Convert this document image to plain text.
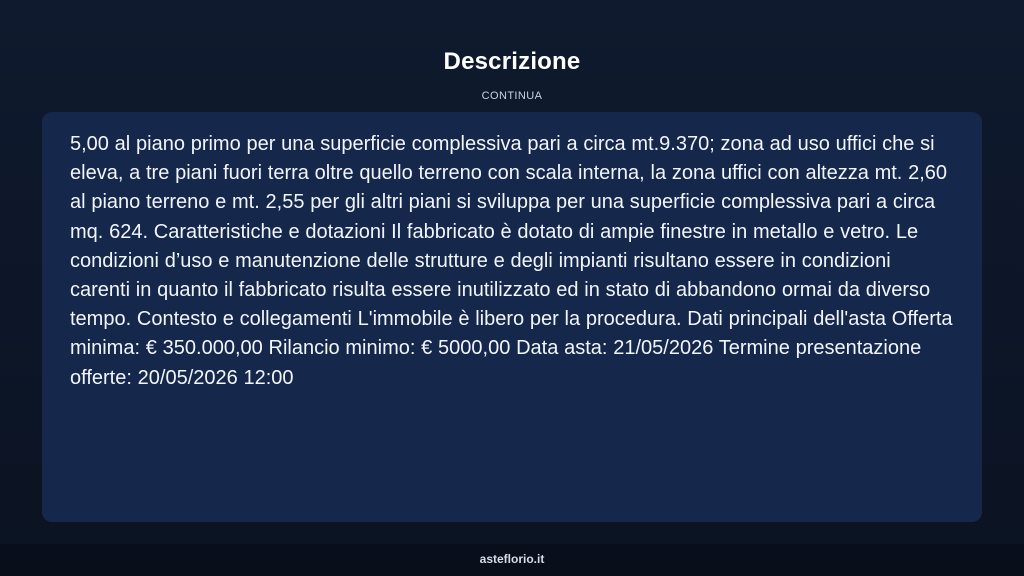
Descrizione
CONTINUA

5,00 al piano primo per una superficie complessiva pari a circa mt.9.370; zona ad uso uffici che si eleva, a tre piani fuori terra oltre quello terreno con scala interna, la zona uffici con altezza mt. 2,60 al piano terreno e mt. 2,55 per gli altri piani si sviluppa per una superficie complessiva pari a circa mq. 624. Caratteristiche e dotazioni Il fabbricato è dotato di ampie finestre in metallo e vetro. Le condizioni d’uso e manutenzione delle strutture e degli impianti risultano essere in condizioni carenti in quanto il fabbricato risulta essere inutilizzato ed in stato di abbandono ormai da diverso tempo. Contesto e collegamenti L'immobile è libero per la procedura. Dati principali dell'asta Offerta minima: € 350.000,00 Rilancio minimo: € 5000,00 Data asta: 21/05/2026 Termine presentazione offerte: 20/05/2026 12:00

asteflorio.it
